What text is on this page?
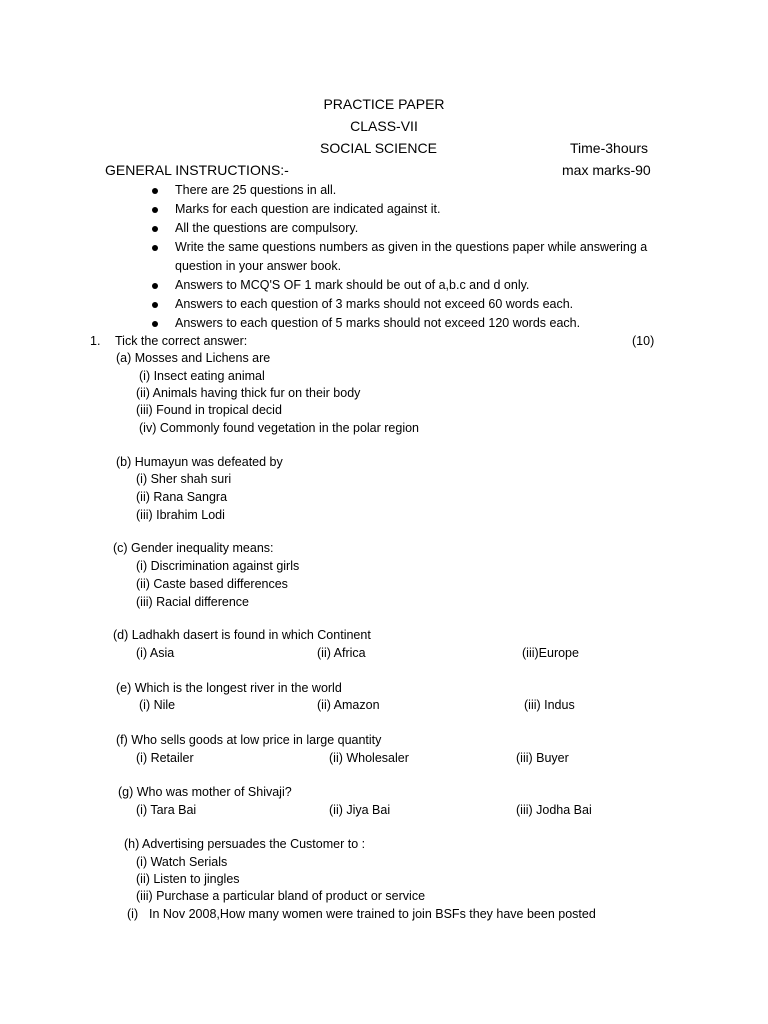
PRACTICE PAPER
CLASS-VII
SOCIAL SCIENCE	Time-3hours
GENERAL INSTRUCTIONS:-	max marks-90
There are 25 questions in all.
Marks for each question are indicated against it.
All the questions are compulsory.
Write the same questions numbers as given in the questions paper while answering a
question in your answer book.
Answers to MCQ'S OF 1 mark should be out of a,b.c and d only.
Answers to each question of 3 marks should not exceed 60 words each.
Answers to each question of 5 marks should not exceed 120 words each.
1. Tick the correct answer:	(10)
(a) Mosses and Lichens are
(i) Insect eating animal
(ii) Animals having thick fur on their body
(iii) Found in tropical decid
(iv) Commonly found vegetation in the polar region
(b) Humayun was defeated by
(i) Sher shah suri
(ii) Rana Sangra
(iii) Ibrahim Lodi
(c) Gender inequality means:
(i) Discrimination against girls
(ii) Caste based differences
(iii) Racial difference
(d) Ladhakh dasert is found in which Continent
(i) Asia	(ii) Africa	(iii)Europe
(e) Which is the longest river in the world
(i) Nile	(ii) Amazon	(iii) Indus
(f) Who sells goods at low price in large quantity
(i) Retailer	(ii) Wholesaler	(iii) Buyer
(g) Who was mother of Shivaji?
(i) Tara Bai	(ii) Jiya Bai	(iii) Jodha Bai
(h) Advertising persuades the Customer to :
(i) Watch Serials
(ii) Listen to jingles
(iii) Purchase a particular bland of product or service
(i) In Nov 2008,How many women were trained to join BSFs they have been posted
